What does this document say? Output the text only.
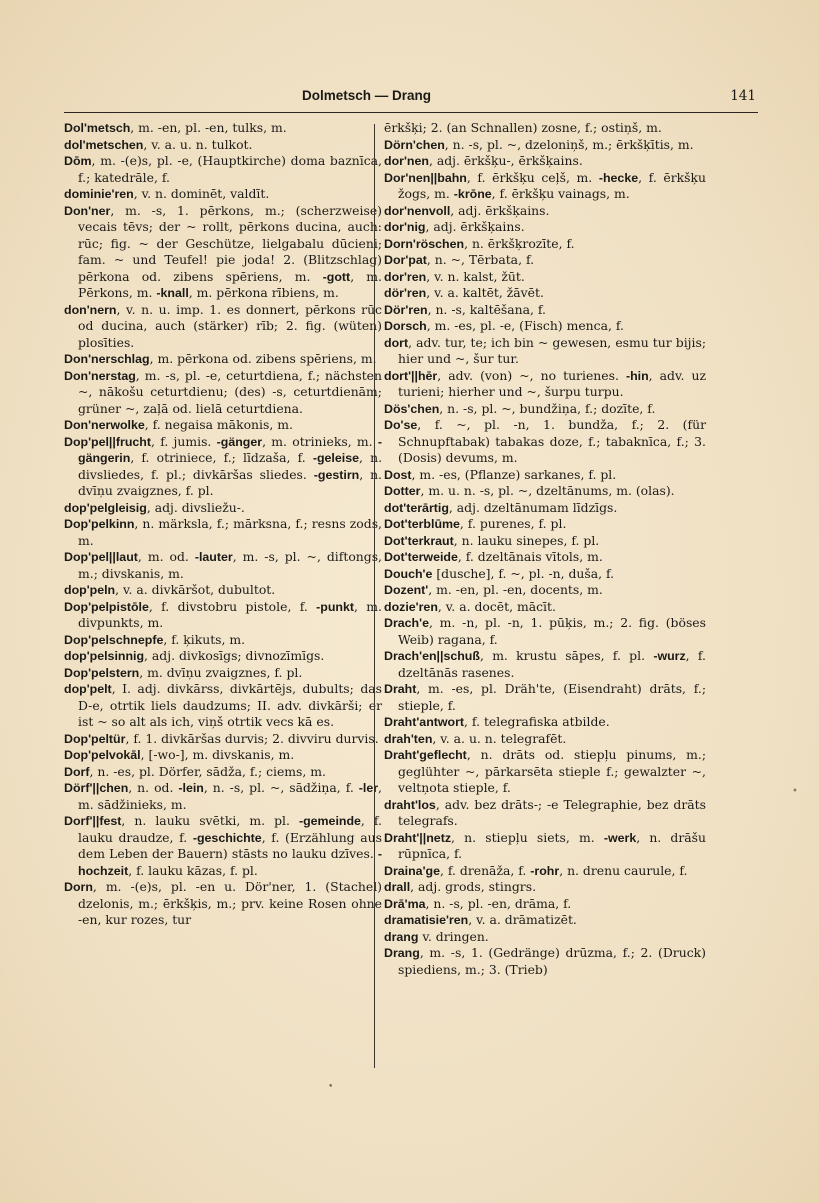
Dolmetsch — Drang	141

Dol'metsch, m. -en, pl. -en, tulks, m.

dol'metschen, v. a. u. n. tulkot.

Dōm, m. -(e)s, pl. -e, (Hauptkirche) doma baznīca, f.; katedrāle, f.

dominie'ren, v. n. dominēt, valdīt.

Don'ner, m. -s, 1. pērkons, m.; (scherzweise) vecais tēvs; der ~ rollt, pērkons ducina, auch: rūc; fig. ~ der Geschütze, lielgabalu dūcieni; fam. ~ und Teufel! pie joda! 2. (Blitzschlag) pērkona od. zibens spēriens, m. -gott, m. Pērkons, m. -knall, m. pērkona rībiens, m.

don'nern, v. n. u. imp. 1. es donnert, pērkons rūc od ducina, auch (stärker) rīb; 2. fig. (wüten) plosīties.

Don'nerschlag, m. pērkona od. zibens spēriens, m.

Don'nerstag, m. -s, pl. -e, ceturtdiena, f.; nächsten ~, nākošu ceturtdienu; (des) -s, ceturtdienām; grüner ~, zaļā od. lielā ceturtdiena.

Don'nerwolke, f. negaisa mākonis, m.

Dop'pel||frucht, f. jumis. -gänger, m. otrinieks, m. -gängerin, f. otriniece, f.; līdzaša, f. -geleise, n. divsliedes, f. pl.; divkāršas sliedes. -gestirn, n. dvīņu zvaigznes, f. pl.

dop'pelgleisig, adj. divsliežu-.

Dop'pelkinn, n. märksla, f.; mārksna, f.; resns zods, m.

Dop'pel||laut, m. od. -lauter, m. -s, pl. ~, diftongs, m.; divskanis, m.

dop'peln, v. a. divkāršot, dubultot.

Dop'pelpistōle, f. divstobru pistole, f. -punkt, m. divpunkts, m.

Dop'pelschnepfe, f. ķikuts, m.

dop'pelsinnig, adj. divkosīgs; divnozīmīgs.

Dop'pelstern, m. dvīņu zvaigznes, f. pl.

dop'pelt, I. adj. divkārss, divkārtējs, dubults; das D-e, otrtik liels daudzums; II. adv. divkārši; er ist ~ so alt als ich, viņš otrtik vecs kā es.

Dop'peltür, f. 1. divkāršas durvis; 2. divviru durvis.

Dop'pelvokāl, [-wo-], m. divskanis, m.

Dorf, n. -es, pl. Dörfer, sādža, f.; ciems, m.

Dörf'||chen, n. od. -lein, n. -s, pl. ~, sādžiņa, f. -ler, m. sādžinieks, m.

Dorf'||fest, n. lauku svētki, m. pl. -gemeinde, f. lauku draudze, f. -geschichte, f. (Erzählung aus dem Leben der Bauern) stāsts no lauku dzīves. -hochzeit, f. lauku kāzas, f. pl.

Dorn, m. -(e)s, pl. -en u. Dör'ner, 1. (Stachel) dzelonis, m.; ērkšķis, m.; prv. keine Rosen ohne -en, kur rozes, tur

ērkšķi; 2. (an Schnallen) zosne, f.; ostiņš, m.

Dörn'chen, n. -s, pl. ~, dzeloniņš, m.; ērkšķītis, m.

dor'nen, adj. ērkšķu-, ērkšķains.

Dor'nen||bahn, f. ērkšķu ceļš, m. -hecke, f. ērkšķu žogs, m. -krōne, f. ērkšķu vainags, m.

dor'nenvoll, adj. ērkšķains.

dor'nig, adj. ērkšķains.

Dorn'röschen, n. ērkšķrozīte, f.

Dor'pat, n. ~, Tērbata, f.

dor'ren, v. n. kalst, žūt.

dör'ren, v. a. kaltēt, žāvēt.

Dör'ren, n. -s, kaltēšana, f.

Dorsch, m. -es, pl. -e, (Fisch) menca, f.

dort, adv. tur, te; ich bin ~ gewesen, esmu tur bijis; hier und ~, šur tur.

dort'||hēr, adv. (von) ~, no turienes. -hin, adv. uz turieni; hierher und ~, šurpu turpu.

Dös'chen, n. -s, pl. ~, bundžiņa, f.; dozīte, f.

Do'se, f. ~, pl. -n, 1. bundža, f.; 2. (für Schnupftabak) tabakas doze, f.; tabaknīca, f.; 3. (Dosis) devums, m.

Dost, m. -es, (Pflanze) sarkanes, f. pl.

Dotter, m. u. n. -s, pl. ~, dzeltānums, m. (olas).

dot'terārtig, adj. dzeltānumam līdzīgs.

Dot'terblūme, f. purenes, f. pl.

Dot'terkraut, n. lauku sinepes, f. pl.

Dot'terweide, f. dzeltānais vītols, m.

Douch'e [dusche], f. ~, pl. -n, duša, f.

Dozent', m. -en, pl. -en, docents, m.

dozie'ren, v. a. docēt, mācīt.

Drach'e, m. -n, pl. -n, 1. pūķis, m.; 2. fig. (böses Weib) ragana, f.

Drach'en||schuß, m. krustu sāpes, f. pl. -wurz, f. dzeltānās rasenes.

Draht, m. -es, pl. Dräh'te, (Eisendraht) drāts, f.; stieple, f.

Draht'antwort, f. telegrafiska atbilde.

drah'ten, v. a. u. n. telegrafēt.

Draht'geflecht, n. drāts od. stiepļu pinums, m.; geglühter ~, pārkarsēta stieple f.; gewalzter ~, veltņota stieple, f.

draht'los, adv. bez drāts-; -e Telegraphie, bez drāts telegrafs.

Draht'||netz, n. stiepļu siets, m. -werk, n. drāšu rūpnīca, f.

Draina'ge, f. drenāža, f. -rohr, n. drenu caurule, f.

drall, adj. grods, stingrs.

Drā'ma, n. -s, pl. -en, drāma, f.

dramatisie'ren, v. a. drāmatizēt.

drang v. dringen.

Drang, m. -s, 1. (Gedränge) drūzma, f.; 2. (Druck) spiediens, m.; 3. (Trieb)

•
•
